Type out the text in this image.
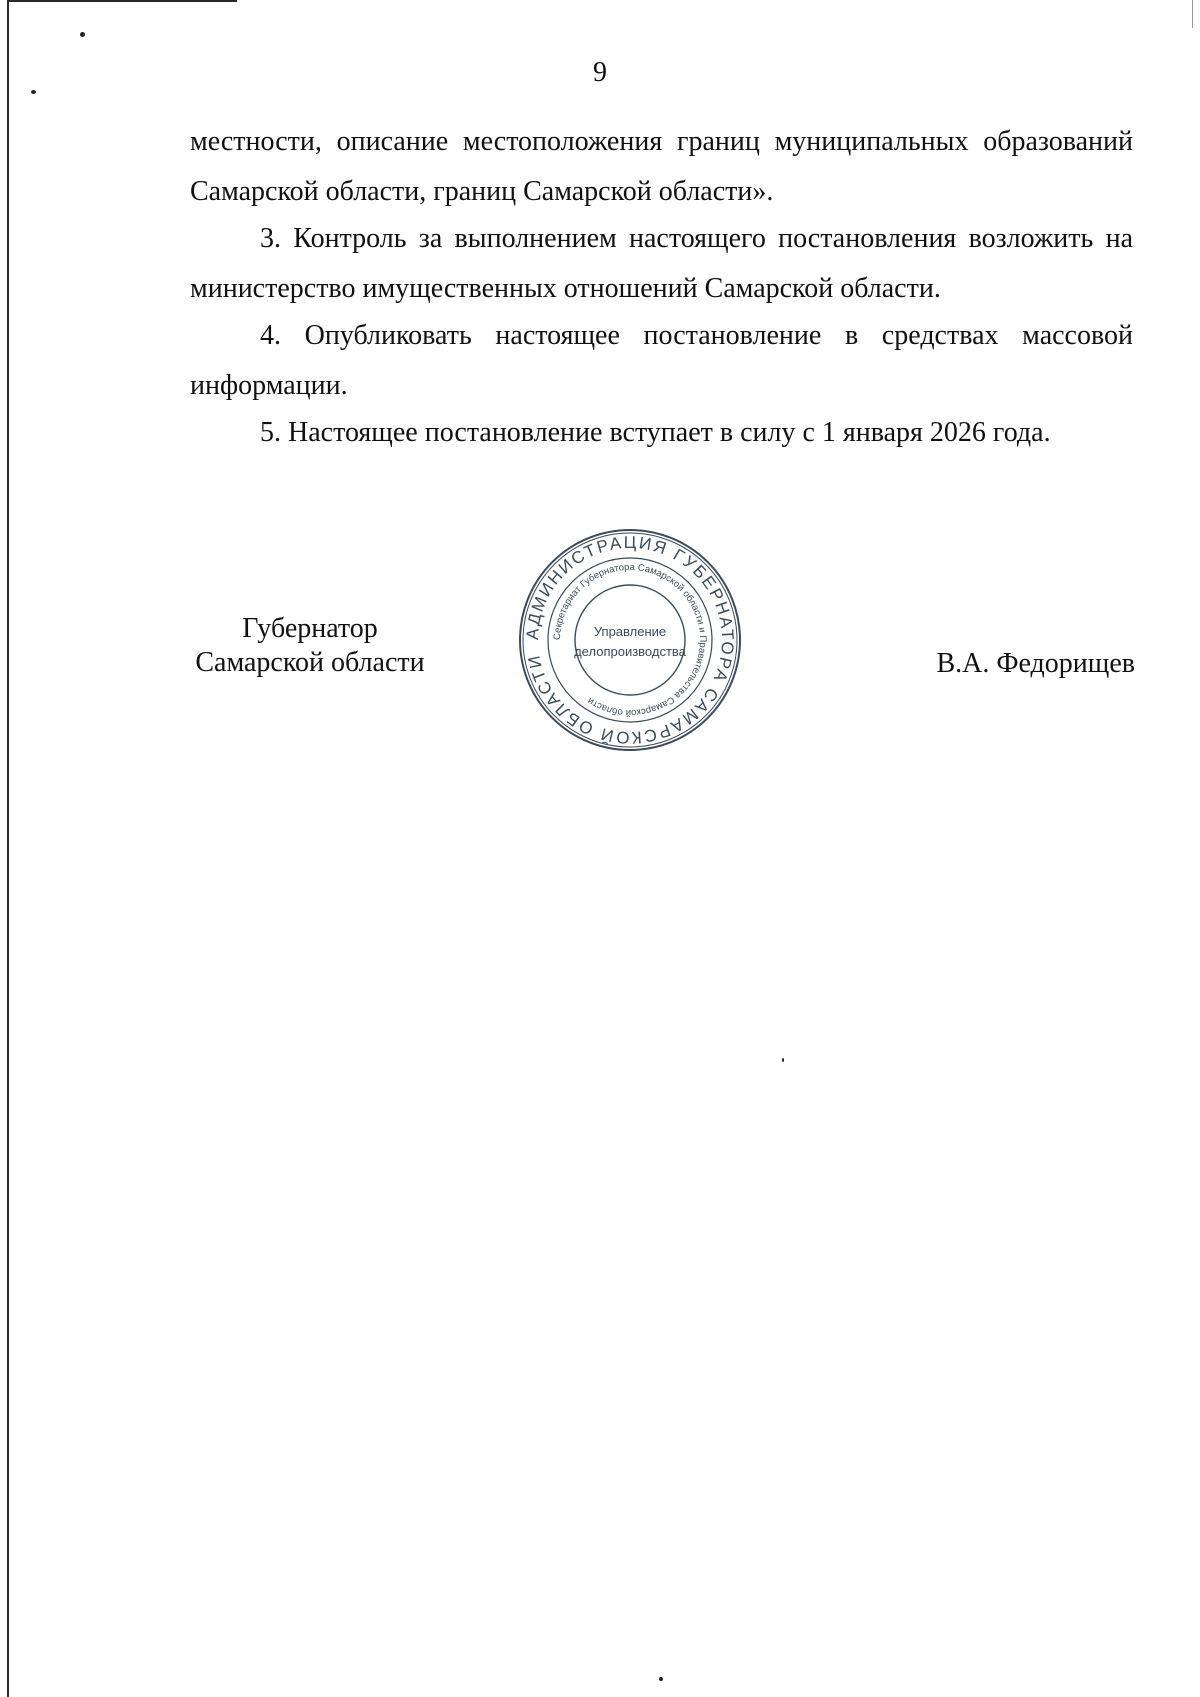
9

местности, описание местоположения границ муниципальных образований Самарской области, границ Самарской области».

3. Контроль за выполнением настоящего постановления возложить на министерство имущественных отношений Самарской области.

4. Опубликовать настоящее постановление в средствах массовой информации.

5. Настоящее постановление вступает в силу с 1 января 2026 года.

Губернатор
Самарской области
АДМИНИСТРАЦИЯ ГУБЕРНАТОРА САМАРСКОЙ ОБЛАСТИ
Секретариат Губернатора Самарской области и Правительства Самарской области
Управление
делопроизводства	В.А. Федорищев
